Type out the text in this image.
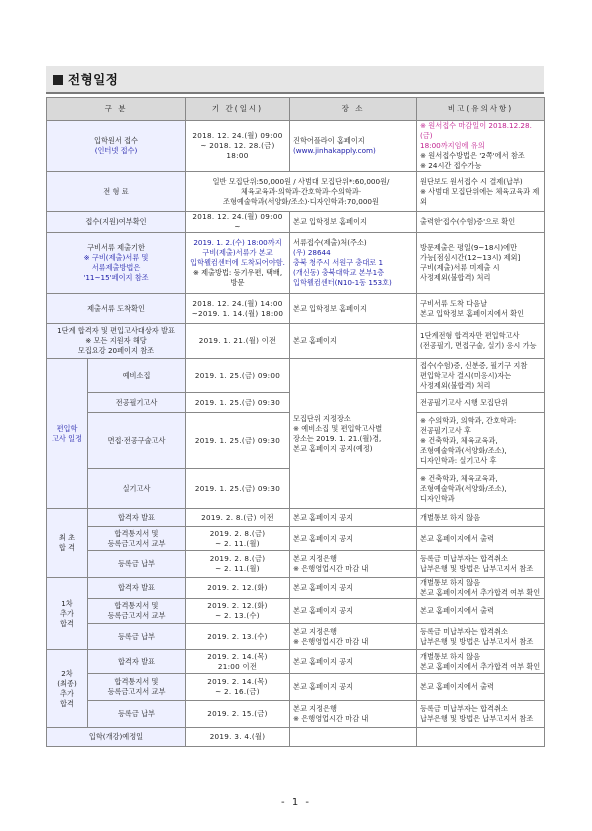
전형일정
구 분		기 간(일시)	장 소	비고(유의사항)

입학원서 접수
(인터넷 접수)		2018. 12. 24.(월) 09:00
~ 2018. 12. 28.(금) 18:00	진학어플라이 홈페이지
(www.jinhakapply.com)	※ 원서접수 마감일이 2018.12.28.(금)
18:00까지임에 유의
※ 원서접수방법은 '2쪽'에서 참조
※ 24시간 접수가능

전 형 료		일반 모집단위:50,000원 / 사범대 모집단위*:60,000원/
체육교육과·의학과·간호학과·수의학과·
조형예술학과(서양화/조소)·디자인학과:70,000원		원단보도 원서접수 시 결제(납부)
※ 사범대 모집단위에는 체육교육과 제외

접수(지원)여부확인		2018. 12. 24.(월) 09:00 ~	본교 입학정보 홈페이지	출력한'접수(수험)증'으로 확인

구비서류 제출기한
※ 구비(제출)서류 및
서류제출방법은
'11~15'페이지 참조		2019. 1. 2.(수) 18:00까지
구비(제출)서류가 본교
입학웰컴센터에 도착되어야함.
※ 제출방법: 등기우편, 택배, 방문	서류접수(제출)처(주소)
(우) 28644
충북 청주시 서원구 충대로 1
(개신동) 충북대학교 본부1층
입학웰컴센터(N10-1동 153호)	방문제출은 평일(9~18시)에만
가능[점심시간(12~13시) 제외]
구비(제출)서류 미제출 시
사정제외(불합격) 처리

제출서류 도착확인		2018. 12. 24.(월) 14:00
~2019. 1. 14.(월) 18:00	본교 입학정보 홈페이지	구비서류 도착 다음날
본교 입학정보 홈페이지에서 확인

1단계 합격자 및 편입고사대상자 발표
※ 모든 지원자 해당
모집요강 20페이지 참조		2019. 1. 21.(월) 이전	본교 홈페이지	1단계전형 합격자만 편입학고사
(전공필기, 면접구술, 실기) 응시 가능

편입학
고사 일정	예비소집	2019. 1. 25.(금) 09:00	모집단위 지정장소
※ 예비소집 및 편입학고사별
장소는 2019. 1. 21.(월)경,
본교 홈페이지 공지(예정)	접수(수험)증, 신분증, 필기구 지참
편입학고사 결시(미응시)자는
사정제외(불합격) 처리

	전공필기고사	2019. 1. 25.(금) 09:30		전공필기고사 시행 모집단위
	면접·전공구술고사	2019. 1. 25.(금) 09:30		※ 수의학과, 의학과, 간호학과:
전공필기고사 후
※ 건축학과, 체육교육과,
조형예술학과(서양화/조소),
디자인학과: 실기고사 후

	실기고사	2019. 1. 25.(금) 09:30		※ 건축학과, 체육교육과,
조형예술학과(서양화/조소),
디자인학과

최 초
합 격	합격자 발표	2019. 2. 8.(금) 이전	본교 홈페이지 공지	개별통보 하지 않음

	합격통지서 및
등록금고지서 교부	2019. 2. 8.(금)
~ 2. 11.(월)	본교 홈페이지 공지	본교 홈페이지에서 출력
	등록금 납부	2019. 2. 8.(금)
~ 2. 11.(월)	본교 지정은행
※ 은행영업시간 마감 내	등록금 미납부자는 합격취소
납부은행 및 방법은 납부고지서 참조

1차
추가
합격	합격자 발표	2019. 2. 12.(화)	본교 홈페이지 공지	개별통보 하지 않음
본교 홈페이지에서 추가합격 여부 확인

	합격통지서 및
등록금고지서 교부	2019. 2. 12.(화)
~ 2. 13.(수)	본교 홈페이지 공지	본교 홈페이지에서 출력
	등록금 납부	2019. 2. 13.(수)	본교 지정은행
※ 은행영업시간 마감 내	등록금 미납부자는 합격취소
납부은행 및 방법은 납부고지서 참조

2차
(최종)
추가
합격	합격자 발표	2019. 2. 14.(목)
21:00 이전	본교 홈페이지 공지	개별통보 하지 않음
본교 홈페이지에서 추가합격 여부 확인

	합격통지서 및
등록금고지서 교부	2019. 2. 14.(목)
~ 2. 16.(금)	본교 홈페이지 공지	본교 홈페이지에서 출력
	등록금 납부	2019. 2. 15.(금)	본교 지정은행
※ 은행영업시간 마감 내	등록금 미납부자는 합격취소
납부은행 및 방법은 납부고지서 참조

입학(개강)예정일		2019. 3. 4.(월)		
- 1 -
